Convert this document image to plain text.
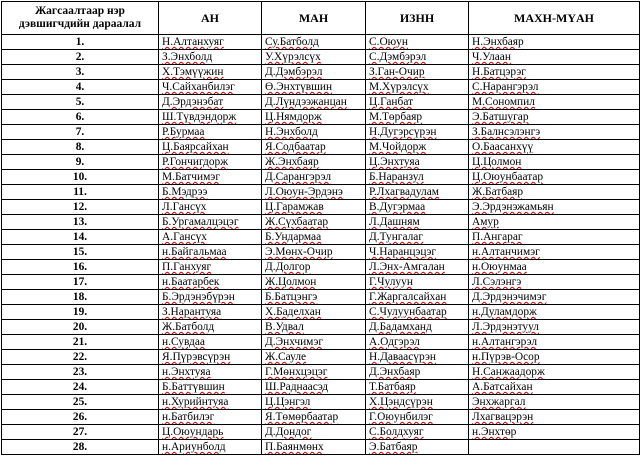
Жагсаалтаар нэр дэвшигчдийн дараалал	АН	МАН	ИЗНН	МАХН-МҮАН
1.	Н.Алтанхуяг	Су.Батболд	С.Оюун	Н.Энхбаяр
2.	З.Энхболд	У.Хүрэлсүх	С.Дэмбэрэл	Ч.Улаан
3.	Х.Тэмүүжин	Д.Дэмбэрэл	З.Ган-Очир	Н.Батцэрэг
4.	Ч.Сайханбилэг	Ө.Энхтүвшин	М.Хүрэлсүх	С.Нарангэрэл
5.	Д.Эрдэнэбат	Д.Лүндээжанцан	Ц.Ганбат	М.Сономпил
6.	Ш.Түвдэндорж	Ц.Нямдорж	М.Төрбаяр	Э.Батшугар
7.	Р.Бурмаа	Н.Энхболд	Н.Дугэрсүрэн	З.Балнсэлэнгэ
8.	Ц.Баярсайхан	Я.Содбаатар	М.Чойдорж	О.Баасанхүү
9.	Р.Гончигдорж	Ж.Энхбаяр	Ц.Энхтуяа	Ц.Цолмон
10.	М.Батчимэг	Д.Сарангэрэл	Б.Наранзул	Ц.Оюунбаатар
11.	Б.Мэдрээ	Л.Оюун-Эрдэнэ	Р.Лхагвадулам	Ж.Батбаяр
12.	Л.Гансүх	Ц.Гарамжав	В.Дугэрмаа	Э.Эрдэнэжамьян
13.	Б.Ургамалцэцэг	Ж.Сүхбаатар	Л.Дашням	Амур
14.	А.Гансүх	Б.Ундармаа	Д.Тунгалаг	П.Ангараг
15.	н.Байгальмаа	Э.Мөнх-Очир	Ч.Наранцэцэг	н.Алтанчимэг
16.	П.Ганхуяг	Д.Долгор	Л.Энх-Амгалан	н.Оюунмаа
17.	н.Баатарбек	Ж.Цолмон	Г.Чулуун	Л.Сэлэнгэ
18.	Б.Эрдэнэбүрэн	Б.Батцэнгэ	Г.Жаргалсайхан	Д.Эрдэнэчимэг
19.	З.Нарантуяа	Х.Баделхан	С.Чулуунбаатар	н.Дуламдорж
20.	Ж.Батболд	В.Удвал	Д.Бадамханд	Л.Эрдэнэтуул
21.	н.Сувдаа	Д.Энхчимэг	А.Одгэрэл	н.Алтангэрэл
22.	Я.Пүрэвсүрэн	Ж.Сауле	Н.Даваасүрэн	н.Пүрэв-Осор
23.	н.Энхтуяа	Г.Мөнхцэцэг	Д.Энхбаяр	Н.Санжаадорж
24.	Б.Баттүвшин	Ш.Раднаасэд	Т.Батбаяр	А.Батсайхан
25.	н.Хурийнтуяа	Ц.Цэнгэл	Х.Цэндсүрэн	Энхжаргал
26.	н.Батбилэг	Я.Төмөрбаатар	Г.Оюунбилэг	Лхагвацэрэн
27.	Ц.Оюундарь	Д.Дондог	С.Болдхуяг	н.Энхтөр
28.	н.Ариунболд	П.Баянмөнх	Э.Батбаяр	
